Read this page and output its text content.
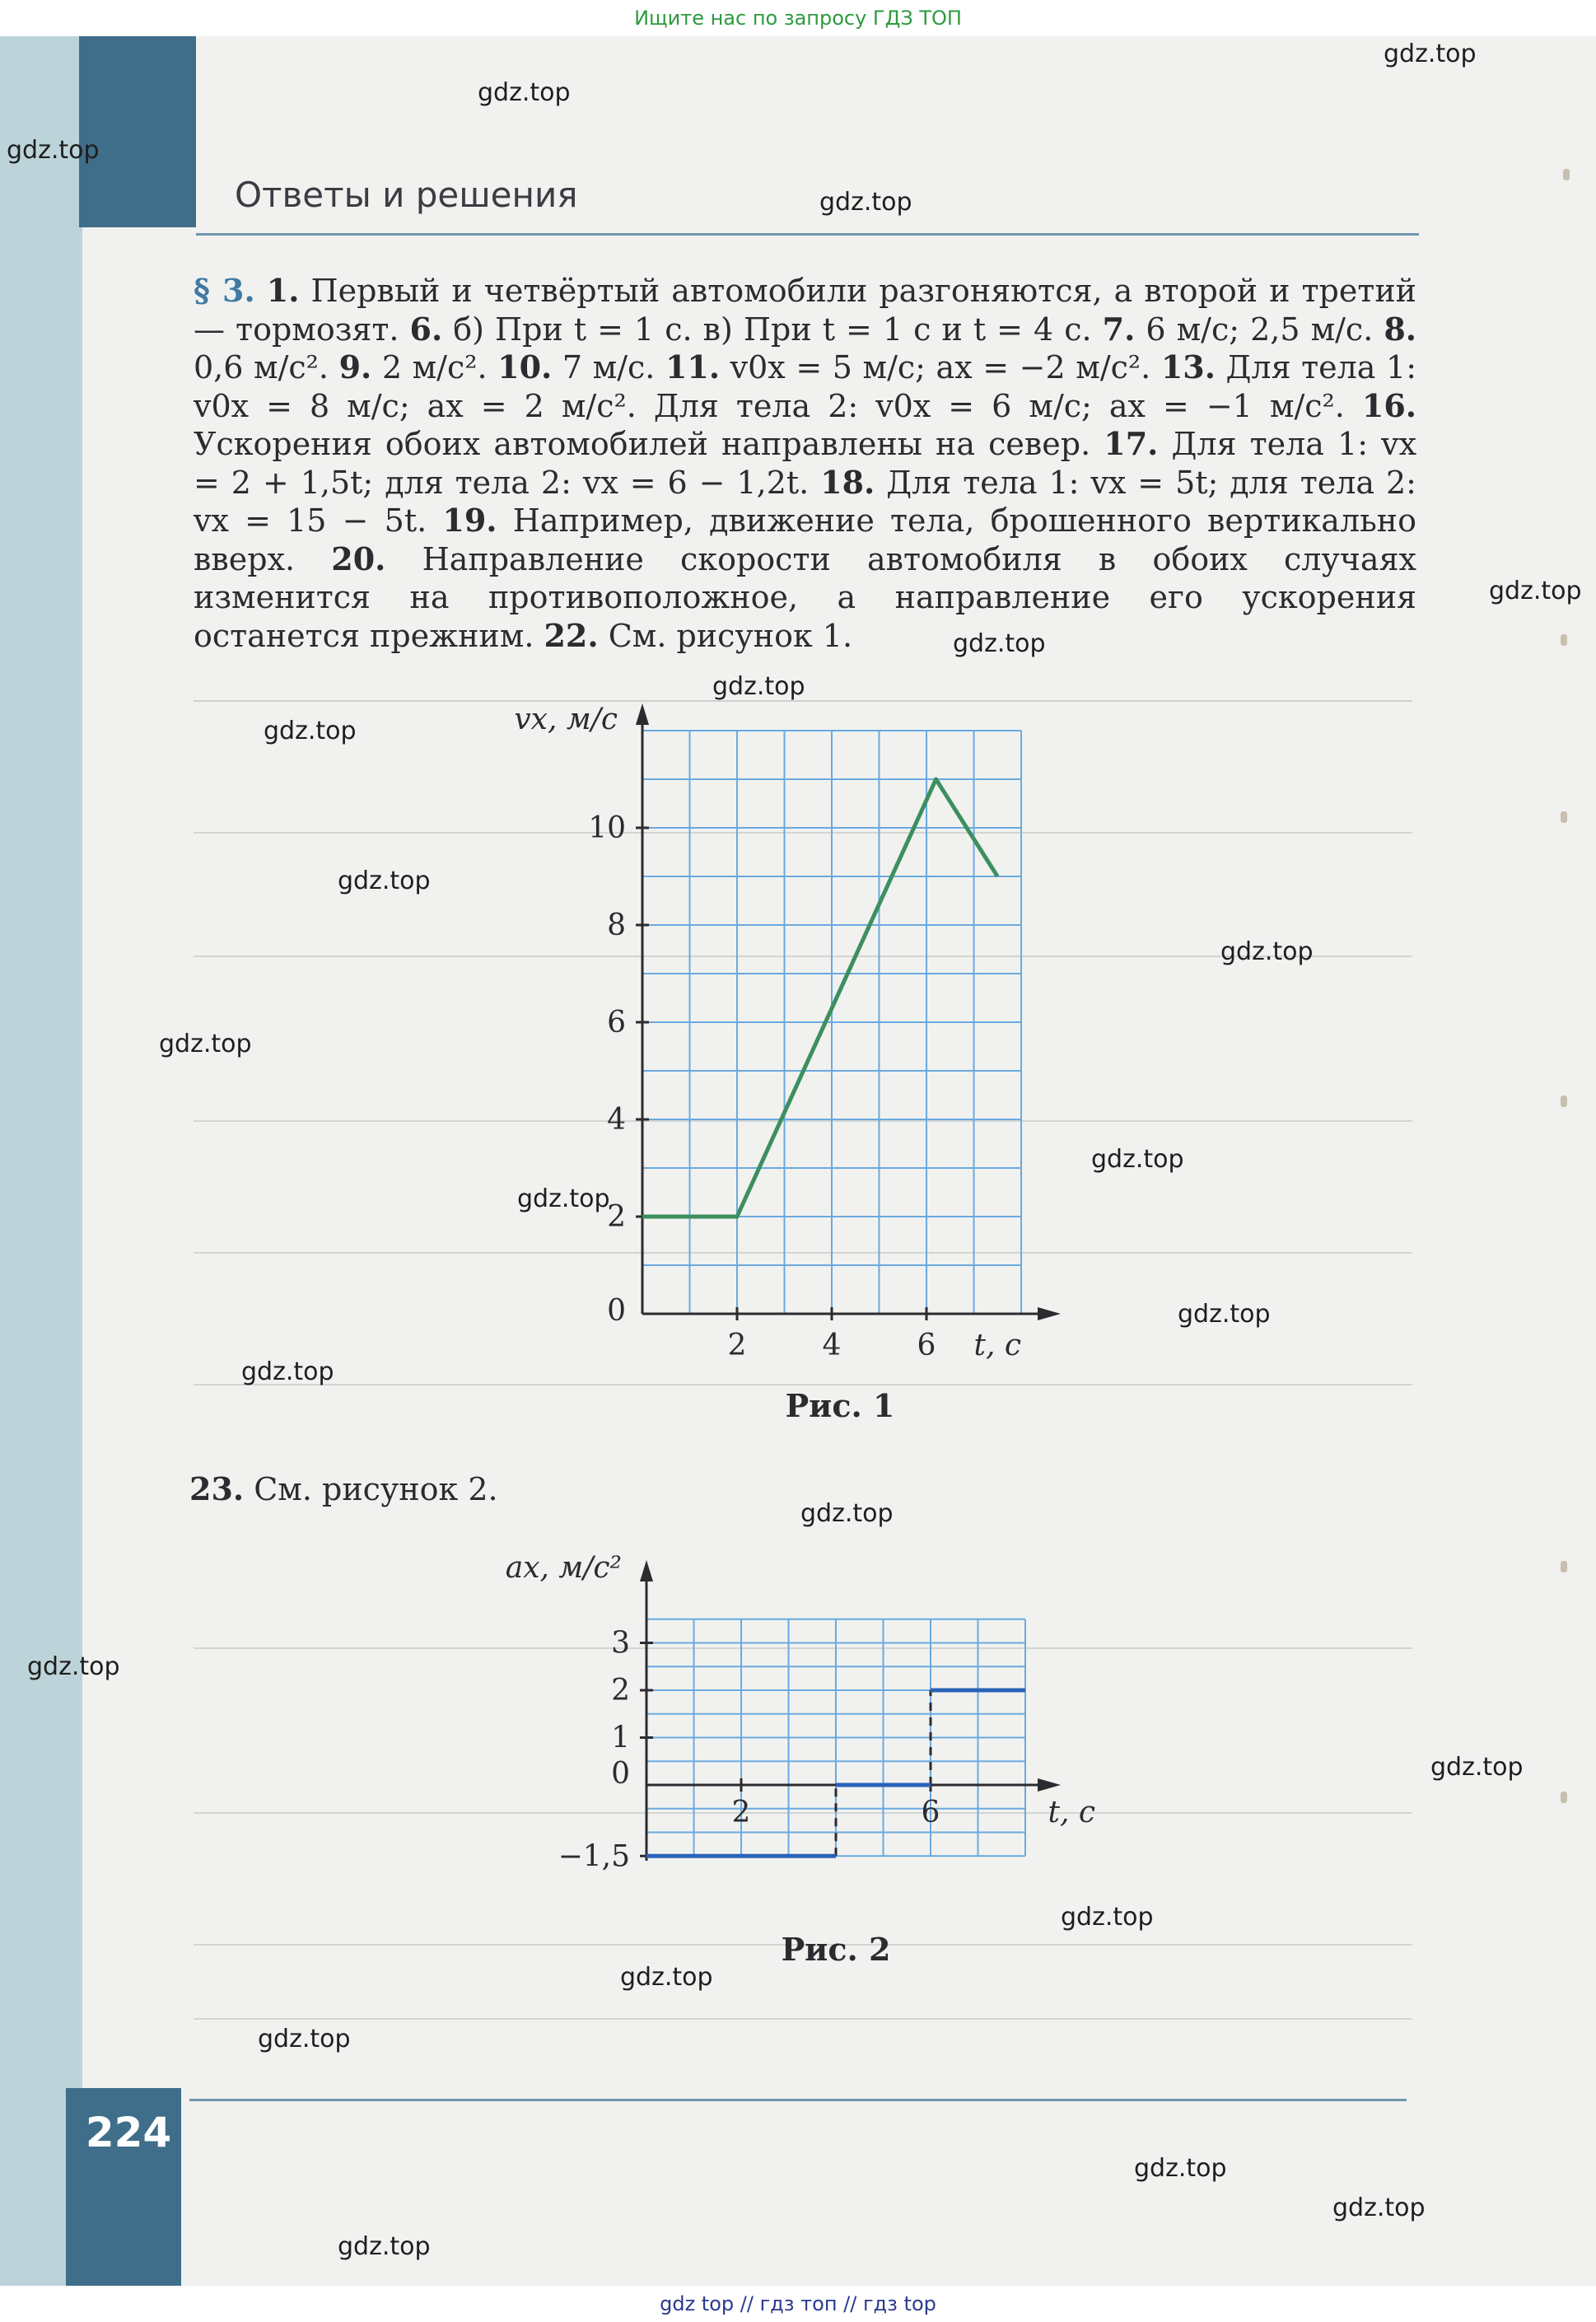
Ищите нас по запросу ГДЗ ТОП
224
Ответы и решения
§ 3. 1. Первый и четвёртый автомобили разгоняются, а второй и третий — тормозят. 6. б) При t = 1 с. в) При t = 1 с и t = 4 с. 7. 6 м/с; 2,5 м/с. 8. 0,6 м/с². 9. 2 м/с². 10. 7 м/с. 11. v0x = 5 м/с; ax = −2 м/с². 13. Для тела 1: v0x = 8 м/с; ax = 2 м/с². Для тела 2: v0x = 6 м/с; ax = −1 м/с². 16. Ускорения обоих автомобилей направлены на север. 17. Для тела 1: vx = 2 + 1,5t; для тела 2: vx = 6 − 1,2t. 18. Для тела 1: vx = 5t; для тела 2: vx = 15 − 5t. 19. Например, движение тела, брошенного вертикально вверх. 20. Направление скорости автомобиля в обоих случаях изменится на противоположное, а направление его ускорения останется прежним. 22. См. рисунок 1.
0
2
4
6
8
10
2	4	6
vx, м/с
t, с
Рис. 1
23. См. рисунок 2.
3
2
1
0
−1,5
2	6
ax, м/с²
t, с
Рис. 2
gdz.top
gdz.top
gdz.top
gdz.top
gdz.top
gdz.top
gdz.top
gdz.top
gdz.top
gdz.top
gdz.top
gdz.top
gdz.top
gdz.top
gdz.top
gdz.top
gdz.top
gdz.top
gdz.top
gdz.top
gdz.top
gdz.top
gdz.top
gdz.top
gdz top // гдз топ // гдз top
